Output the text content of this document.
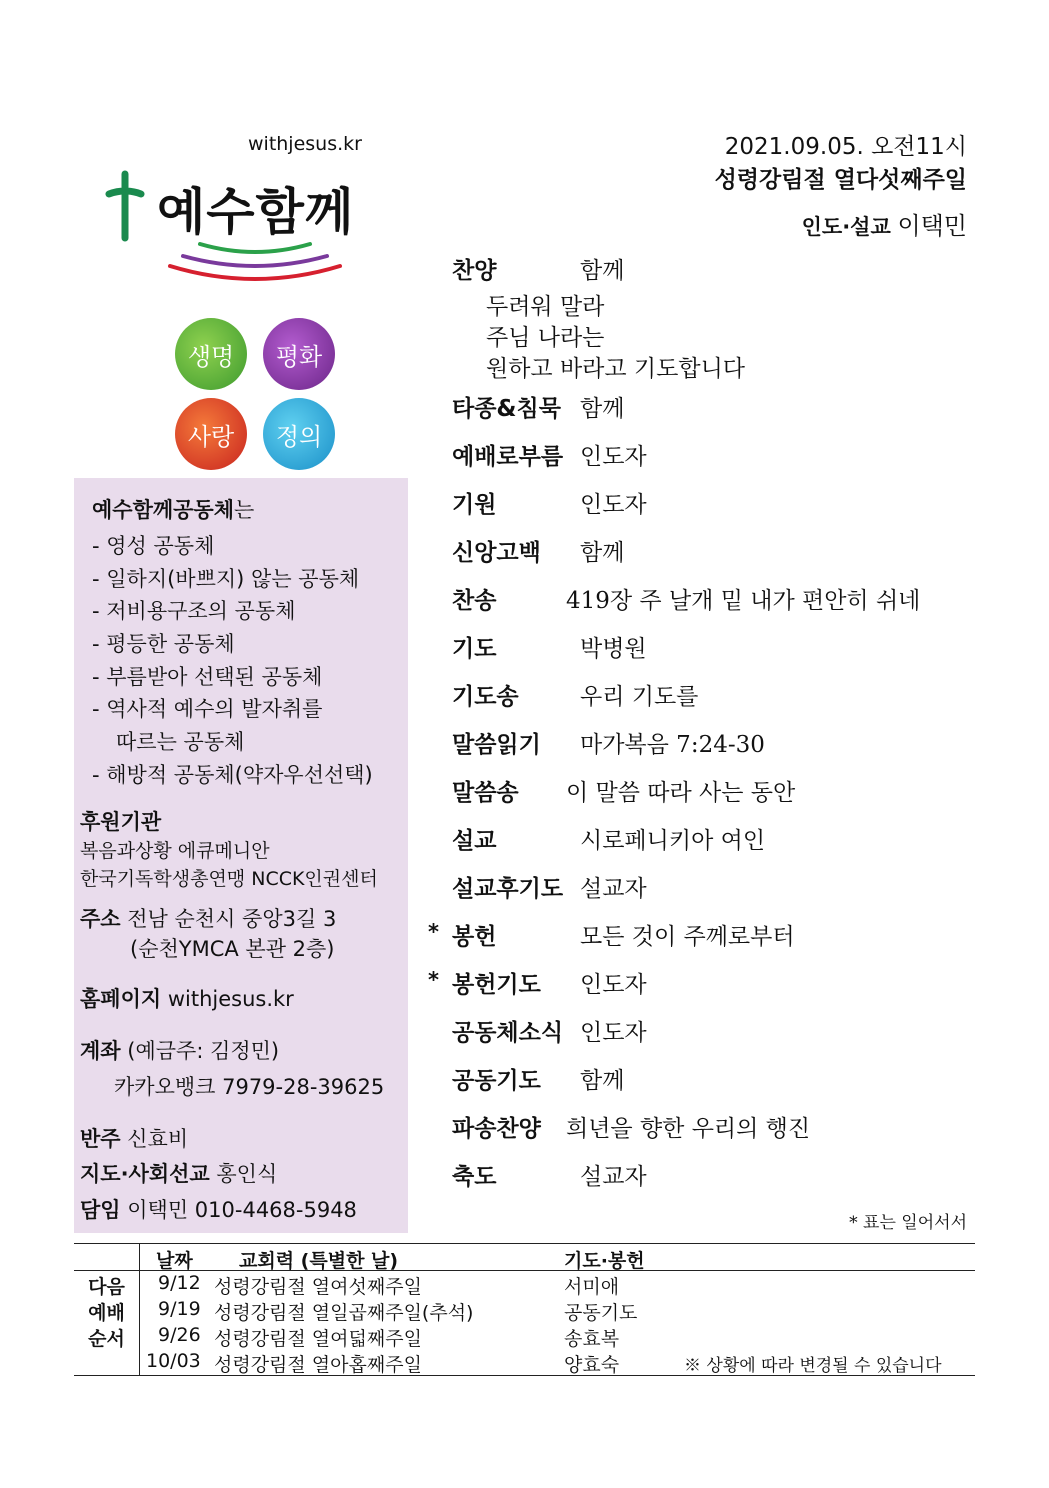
withjesus.kr
예수함께
생명	평화
사랑	정의
예수함께공동체는
- 영성 공동체
- 일하지(바쁘지) 않는 공동체
- 저비용구조의 공동체
- 평등한 공동체
- 부름받아 선택된 공동체
- 역사적 예수의 발자취를
따르는 공동체
- 해방적 공동체(약자우선선택)
후원기관
복음과상황 에큐메니안
한국기독학생총연맹 NCCK인권센터
주소 전남 순천시 중앙3길 3
(순천YMCA 본관 2층)
홈페이지 withjesus.kr
계좌 (예금주: 김정민)
카카오뱅크 7979-28-39625
반주 신효비
지도·사회선교 홍인식
담임 이택민 010-4468-5948
2021.09.05. 오전11시
성령강림절 열다섯째주일
인도·설교 이택민
찬양	함께
두려워 말라
주님 나라는
원하고 바라고 기도합니다
타종&침묵 함께
예배로부름 인도자
기원	인도자
신앙고백 함께
찬송	419장 주 날개 밑 내가 편안히 쉬네
기도	박병원
기도송	우리 기도를
말씀읽기 마가복음 7:24-30
말씀송 이 말씀 따라 사는 동안
설교	시로페니키아 여인
설교후기도 설교자
봉헌	모든 것이 주께로부터
*
봉헌기도 인도자
*
공동체소식 인도자
공동기도 함께
파송찬양 희년을 향한 우리의 행진
축도	설교자
* 표는 일어서서
날짜 교회력 (특별한 날)	기도·봉헌
다음
예배
순서
9/12 성령강림절 열여섯째주일	서미애
9/19 성령강림절 열일곱째주일(추석)	공동기도
9/26 성령강림절 열여덟째주일	송효복
10/03 성령강림절 열아홉째주일	양효숙	※ 상황에 따라 변경될 수 있습니다
